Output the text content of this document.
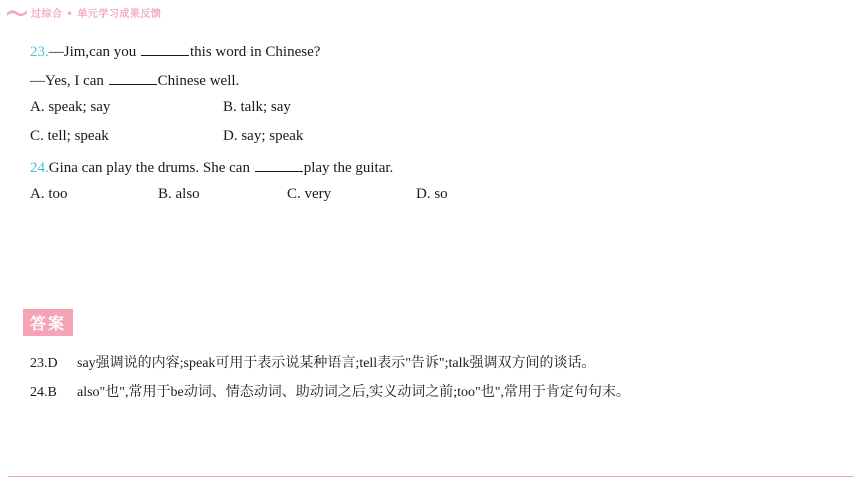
过综合 • 单元学习成果反馈
23.—Jim,can you	this word in Chinese?
—Yes, I can	Chinese well.
A. speak; say	B. talk; say
C. tell; speak	D. say; speak
24.Gina can play the drums. She can	play the guitar.
A. too	B. also	C. very	D. so
答案
23.D say强调说的内容;speak可用于表示说某种语言;tell表示"告诉";talk强调双方间的谈话。
24.B also"也",常用于be动词、情态动词、助动词之后,实义动词之前;too"也",常用于肯定句句末。
